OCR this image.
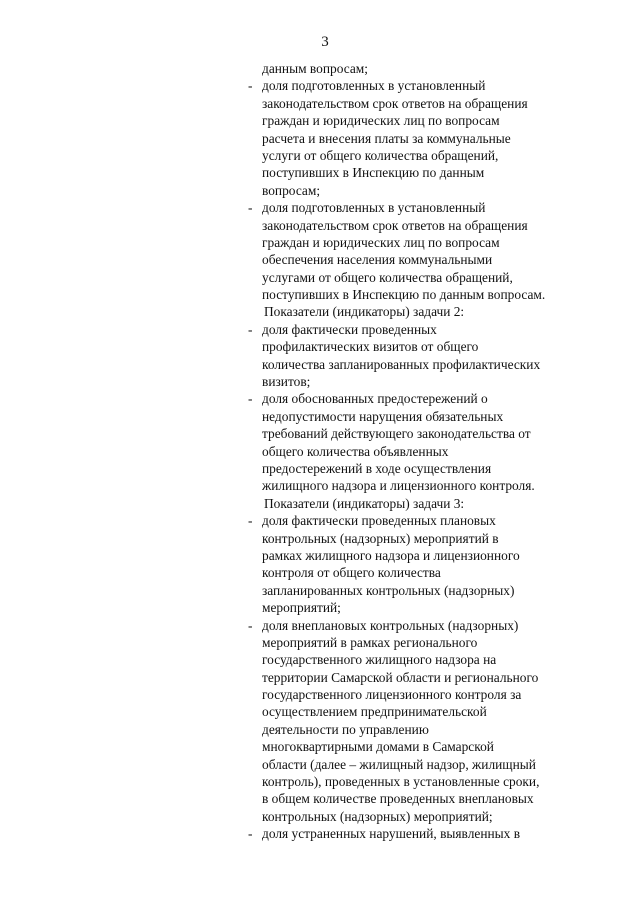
3
данным вопросам;
- доля подготовленных в установленный
законодательством срок ответов на обращения
граждан и юридических лиц по вопросам
расчета и внесения платы за коммунальные
услуги от общего количества обращений,
поступивших в Инспекцию по данным
вопросам;
- доля подготовленных в установленный
законодательством срок ответов на обращения
граждан и юридических лиц по вопросам
обеспечения населения коммунальными
услугами от общего количества обращений,
поступивших в Инспекцию по данным вопросам.
Показатели (индикаторы) задачи 2:
- доля фактически проведенных
профилактических визитов от общего
количества запланированных профилактических
визитов;
- доля обоснованных предостережений о
недопустимости нарущения обязательных
требований действующего законодательства от
общего количества объявленных
предостережений в ходе осуществления
жилищного надзора и лицензионного контроля.
Показатели (индикаторы) задачи 3:
- доля фактически проведенных плановых
контрольных (надзорных) мероприятий в
рамках жилищного надзора и лицензионного
контроля от общего количества
запланированных контрольных (надзорных)
мероприятий;
- доля внеплановых контрольных (надзорных)
мероприятий в рамках регионального
государственного жилищного надзора на
территории Самарской области и регионального
государственного лицензионного контроля за
осуществлением предпринимательской
деятельности по управлению
многоквартирными домами в Самарской
области (далее – жилищный надзор, жилищный
контроль), проведенных в установленные сроки,
в общем количестве проведенных внеплановых
контрольных (надзорных) мероприятий;
- доля устраненных нарушений, выявленных в
